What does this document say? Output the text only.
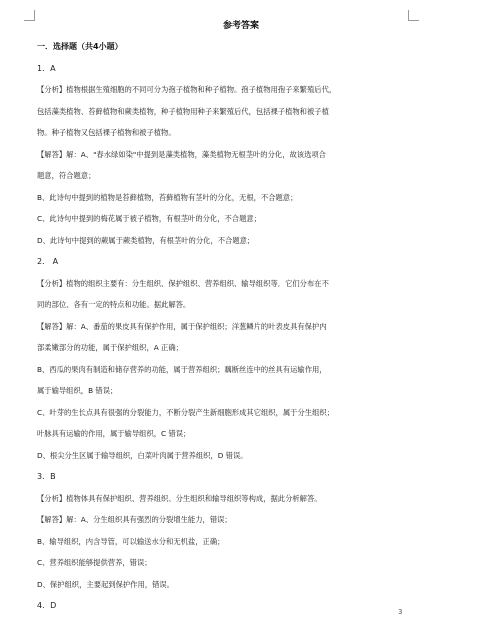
参考答案
一．选择题（共4小题）
1．A
【分析】植物根据生殖细胞的不同可分为孢子植物和种子植物。孢子植物用孢子来繁殖后代，
包括藻类植物、苔藓植物和蕨类植物，种子植物用种子来繁殖后代，包括裸子植物和被子植
物。种子植物又包括裸子植物和被子植物。
【解答】解：A、"春水绿如染"中提到是藻类植物，藻类植物无根茎叶的分化，故该选项合
题意，符合题意；
B、此诗句中提到的植物是苔藓植物，苔藓植物有茎叶的分化，无根，不合题意；
C、此诗句中提到的梅花属于被子植物，有根茎叶的分化，不合题意；
D、此诗句中提到的蕨属于蕨类植物，有根茎叶的分化，不合题意；
2． A
【分析】植物的组织主要有：分生组织、保护组织、营养组织、输导组织等．它们分布在不
同的部位、各有一定的特点和功能。据此解答。
【解答】解：A、番茄的果皮具有保护作用，属于保护组织；洋葱鳞片的叶表皮具有保护内
部柔嫩部分的功能，属于保护组织，A 正确；
B、西瓜的果肉有制造和储存营养的功能，属于营养组织；藕断丝连中的丝具有运输作用，
属于输导组织，B 错误；
C、叶芽的生长点具有很强的分裂能力，不断分裂产生新细胞形成其它组织，属于分生组织；
叶脉具有运输的作用，属于输导组织，C 错误；
D、根尖分生区属于输导组织，白菜叶肉属于营养组织，D 错误。
3．B
【分析】植物体具有保护组织、营养组织、分生组织和输导组织等构成，据此分析解答。
【解答】解：A、分生组织具有强烈的分裂增生能力，错误；
B、输导组织，内含导管，可以输送水分和无机盐，正确；
C、营养组织能够提供营养，错误；
D、保护组织，主要起到保护作用，错误。
4．D
3
